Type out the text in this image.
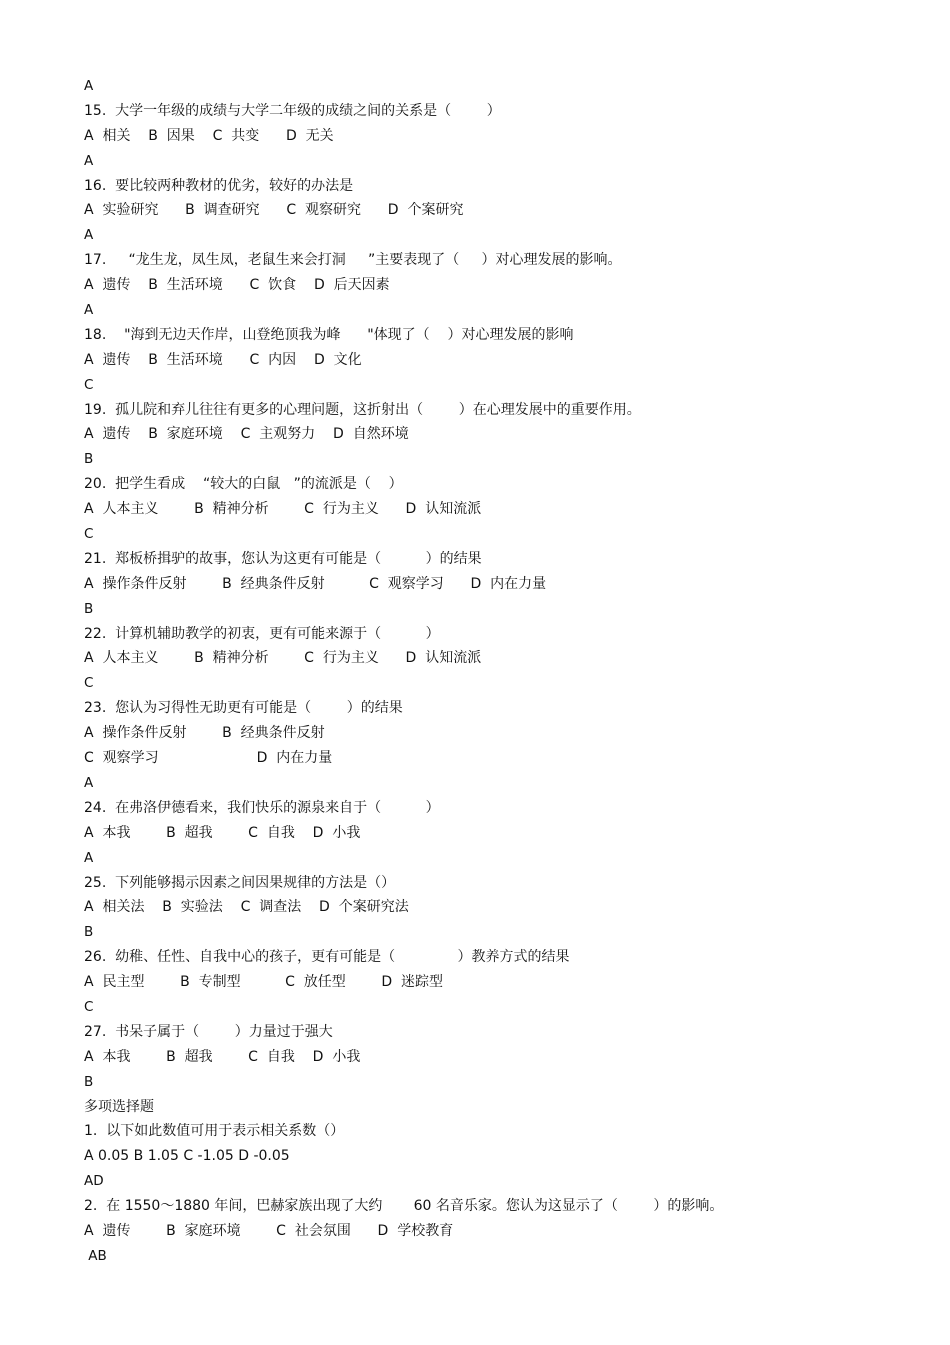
A
15.  大学一年级的成绩与大学二年级的成绩之间的关系是（        ）
A  相关    B  因果    C  共变      D  无关
A
16.  要比较两种教材的优劣，较好的办法是
A  实验研究      B  调查研究      C  观察研究      D  个案研究
A
17.     “龙生龙，凤生凤，老鼠生来会打洞     ”主要表现了（     ）对心理发展的影响。
A  遗传    B  生活环境      C  饮食    D  后天因素
A
18.    "海到无边天作岸，山登绝顶我为峰      "体现了（    ）对心理发展的影响
A  遗传    B  生活环境      C  内因    D  文化
C
19.  孤儿院和弃儿往往有更多的心理问题，这折射出（        ）在心理发展中的重要作用。
A  遗传    B  家庭环境    C  主观努力    D  自然环境
B
20.  把学生看成    “较大的白鼠   ”的流派是（    ）
A  人本主义        B  精神分析        C  行为主义      D  认知流派
C
21.  郑板桥揖驴的故事，您认为这更有可能是（          ）的结果
A  操作条件反射        B  经典条件反射          C  观察学习      D  内在力量
B
22.  计算机辅助教学的初衷，更有可能来源于（          ）
A  人本主义        B  精神分析        C  行为主义      D  认知流派
C
23.  您认为习得性无助更有可能是（        ）的结果
A  操作条件反射        B  经典条件反射
C  观察学习                      D  内在力量
A
24.  在弗洛伊德看来，我们快乐的源泉来自于（          ）
A  本我        B  超我        C  自我    D  小我
A
25.  下列能够揭示因素之间因果规律的方法是（）
A  相关法    B  实验法    C  调查法    D  个案研究法
B
26.  幼稚、任性、自我中心的孩子，更有可能是（              ）教养方式的结果
A  民主型        B  专制型          C  放任型        D  迷踪型
C
27.  书呆子属于（        ）力量过于强大
A  本我        B  超我        C  自我    D  小我
B
多项选择题
1.  以下如此数值可用于表示相关系数（）
A 0.05 B 1.05 C -1.05 D -0.05
AD
2.  在 1550～1880 年间，巴赫家族出现了大约       60 名音乐家。您认为这显示了（        ）的影响。
A  遗传        B  家庭环境        C  社会氛围      D  学校教育
AB
